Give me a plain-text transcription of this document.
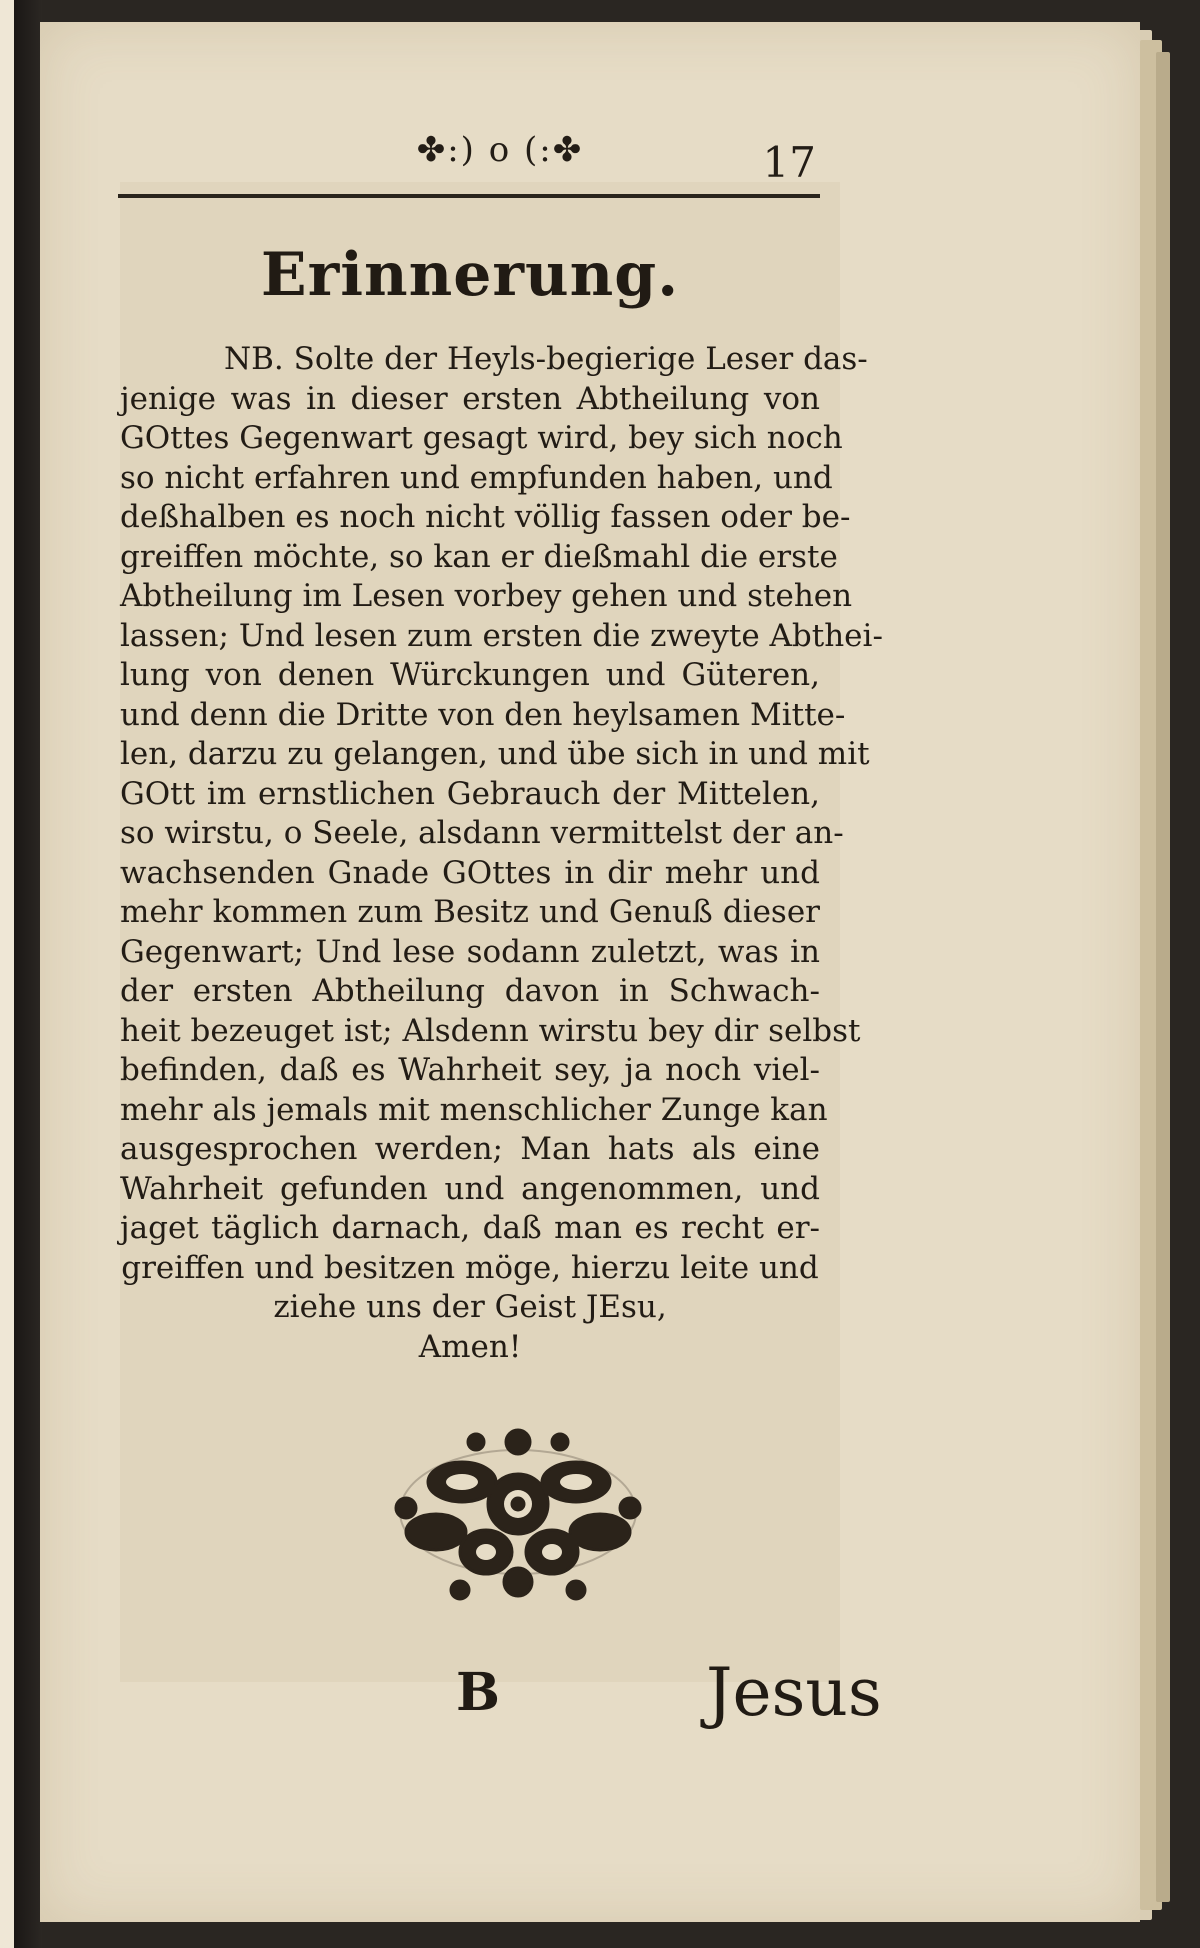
✤:) o (:✤	17
Erinnerung.
NB. Solte der Heyls-begierige Leser das-
jenige was in dieser ersten Abtheilung von
GOttes Gegenwart gesagt wird, bey sich noch
so nicht erfahren und empfunden haben, und
deßhalben es noch nicht völlig fassen oder be-
greiffen möchte, so kan er dießmahl die erste
Abtheilung im Lesen vorbey gehen und stehen
lassen; Und lesen zum ersten die zweyte Abthei-
lung von denen Würckungen und Güteren,
und denn die Dritte von den heylsamen Mitte-
len, darzu zu gelangen, und übe sich in und mit
GOtt im ernstlichen Gebrauch der Mittelen,
so wirstu, o Seele, alsdann vermittelst der an-
wachsenden Gnade GOttes in dir mehr und
mehr kommen zum Besitz und Genuß dieser
Gegenwart; Und lese sodann zuletzt, was in
der ersten Abtheilung davon in Schwach-
heit bezeuget ist; Alsdenn wirstu bey dir selbst
befinden, daß es Wahrheit sey, ja noch viel-
mehr als jemals mit menschlicher Zunge kan
ausgesprochen werden; Man hats als eine
Wahrheit gefunden und angenommen, und
jaget täglich darnach, daß man es recht er-
greiffen und besitzen möge, hierzu leite und
ziehe uns der Geist JEsu,
Amen!
B	Jesus
